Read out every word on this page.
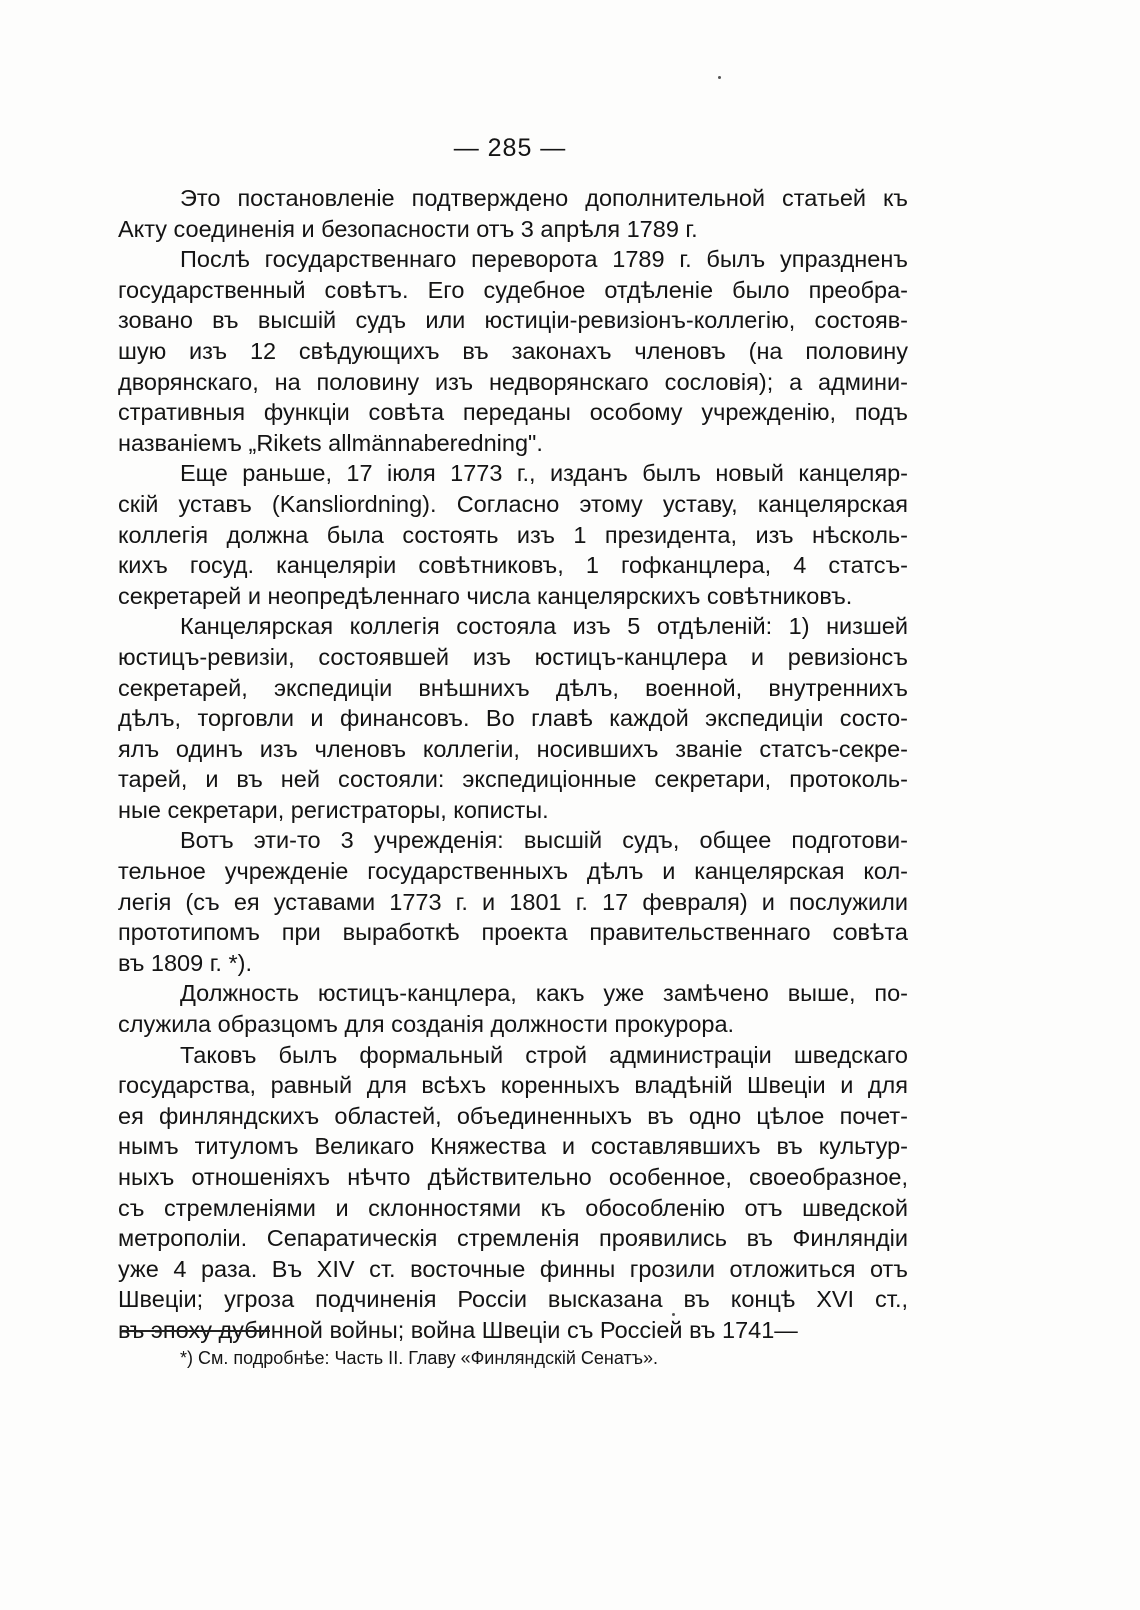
— 285 —
Это постановленіе подтверждено дополнительной статьей къ
Акту соединенія и безопасности отъ 3 апрѣля 1789 г.
Послѣ государственнаго переворота 1789 г. былъ упраздненъ
государственный совѣтъ. Его судебное отдѣленіе было преобра-
зовано въ высшій судъ или юстиціи-ревизіонъ-коллегію, состояв-
шую изъ 12 свѣдующихъ въ законахъ членовъ (на половину
дворянскаго, на половину изъ недворянскаго сословія); а админи-
стративныя функціи совѣта переданы особому учрежденію, подъ
названіемъ „Rikets allmännaberedning".
Еще раньше, 17 іюля 1773 г., изданъ былъ новый канцеляр-
скій уставъ (Kansliordning). Согласно этому уставу, канцелярская
коллегія должна была состоять изъ 1 президента, изъ нѣсколь-
кихъ госуд. канцеляріи совѣтниковъ, 1 гофканцлера, 4 статсъ-
секретарей и неопредѣленнаго числа канцелярскихъ совѣтниковъ.
Канцелярская коллегія состояла изъ 5 отдѣленій: 1) низшей
юстицъ-ревизіи, состоявшей изъ юстицъ-канцлера и ревизіонсъ
секретарей, экспедиціи внѣшнихъ дѣлъ, военной, внутреннихъ
дѣлъ, торговли и финансовъ. Во главѣ каждой экспедиціи состо-
ялъ одинъ изъ членовъ коллегіи, носившихъ званіе статсъ-секре-
тарей, и въ ней состояли: экспедиціонные секретари, протоколь-
ные секретари, регистраторы, кописты.
Вотъ эти-то 3 учрежденія: высшій судъ, общее подготови-
тельное учрежденіе государственныхъ дѣлъ и канцелярская кол-
легія (съ ея уставами 1773 г. и 1801 г. 17 февраля) и послужили
прототипомъ при выработкѣ проекта правительственнаго совѣта
въ 1809 г. *).
Должность юстицъ-канцлера, какъ уже замѣчено выше, по-
служила образцомъ для созданія должности прокурора.
Таковъ былъ формальный строй администраціи шведскаго
государства, равный для всѣхъ коренныхъ владѣній Швеціи и для
ея финляндскихъ областей, объединенныхъ въ одно цѣлое почет-
нымъ титуломъ Великаго Княжества и составлявшихъ въ культур-
ныхъ отношеніяхъ нѣчто дѣйствительно особенное, своеобразное,
съ стремленіями и склонностями къ обособленію отъ шведской
метрополіи. Сепаратическія стремленія проявились въ Финляндіи
уже 4 раза. Въ XIV ст. восточные финны грозили отложиться отъ
Швеціи; угроза подчиненія Россіи высказана въ концѣ XVI ст.,
въ эпоху дубинной войны; война Швеціи съ Россіей въ 1741—
*) См. подробнѣе: Часть II. Главу «Финляндскій Сенатъ».
